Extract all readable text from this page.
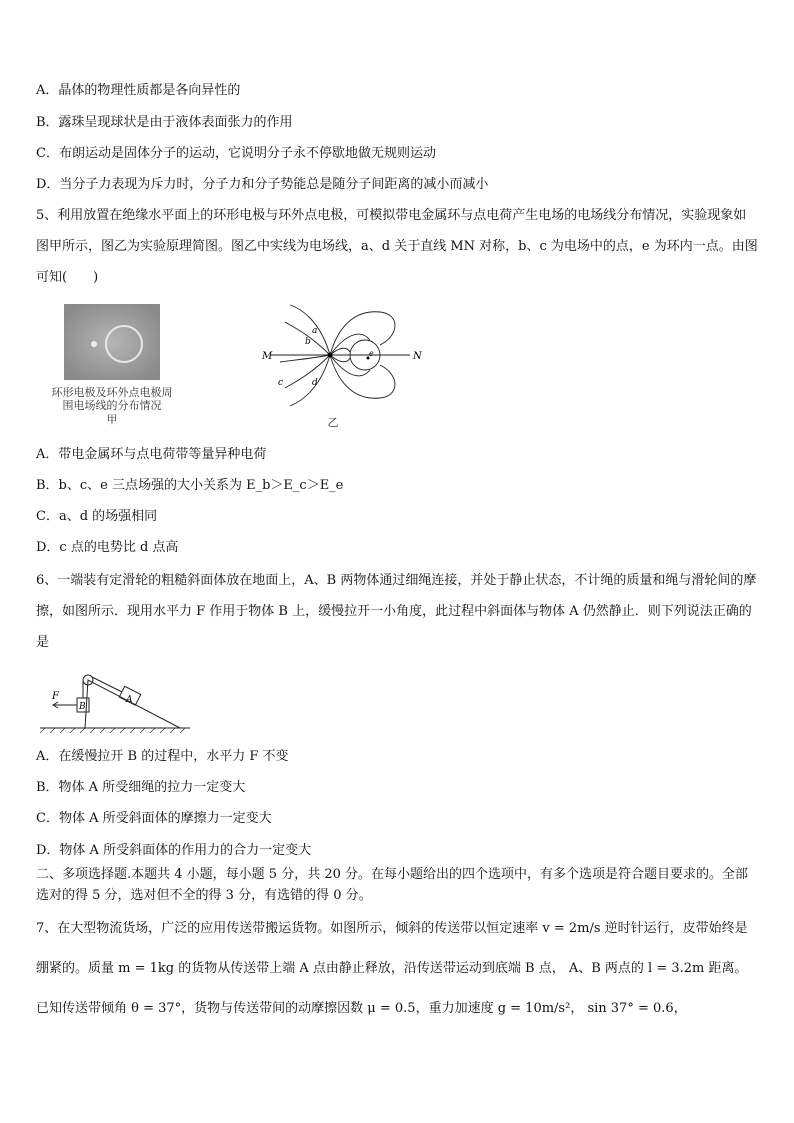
A．晶体的物理性质都是各向异性的
B．露珠呈现球状是由于液体表面张力的作用
C．布朗运动是固体分子的运动，它说明分子永不停歇地做无规则运动
D．当分子力表现为斥力时，分子力和分子势能总是随分子间距离的减小而减小
5、利用放置在绝缘水平面上的环形电极与环外点电极，可模拟带电金属环与点电荷产生电场的电场线分布情况，实验现象如图甲所示，图乙为实验原理简图。图乙中实线为电场线，a、d 关于直线 MN 对称，b、c 为电场中的点，e 为环内一点。由图可知(　　)
环形电极及环外点电极周围电场线的分布情况
甲
M	N
a
b
c	d
e
乙
A．带电金属环与点电荷带等量异种电荷
B．b、c、e 三点场强的大小关系为 E_b＞E_c＞E_e
C．a、d 的场强相同
D．c 点的电势比 d 点高
6、一端装有定滑轮的粗糙斜面体放在地面上，A、B 两物体通过细绳连接，并处于静止状态，不计绳的质量和绳与滑轮间的摩擦，如图所示．现用水平力 F 作用于物体 B 上，缓慢拉开一小角度，此过程中斜面体与物体 A 仍然静止．则下列说法正确的是
F
B
A
A．在缓慢拉开 B 的过程中，水平力 F 不变
B．物体 A 所受细绳的拉力一定变大
C．物体 A 所受斜面体的摩擦力一定变大
D．物体 A 所受斜面体的作用力的合力一定变大
二、多项选择题.本题共 4 小题，每小题 5 分，共 20 分。在每小题给出的四个选项中，有多个选项是符合题目要求的。全部选对的得 5 分，选对但不全的得 3 分，有选错的得 0 分。
7、在大型物流货场，广泛的应用传送带搬运货物。如图所示，倾斜的传送带以恒定速率 v = 2m/s 逆时针运行，皮带始终是绷紧的。质量 m = 1kg 的货物从传送带上端 A 点由静止释放，沿传送带运动到底端 B 点， A、B 两点的 l = 3.2m 距离。已知传送带倾角 θ = 37°，货物与传送带间的动摩擦因数 μ = 0.5，重力加速度 g = 10m/s²， sin 37° = 0.6，
